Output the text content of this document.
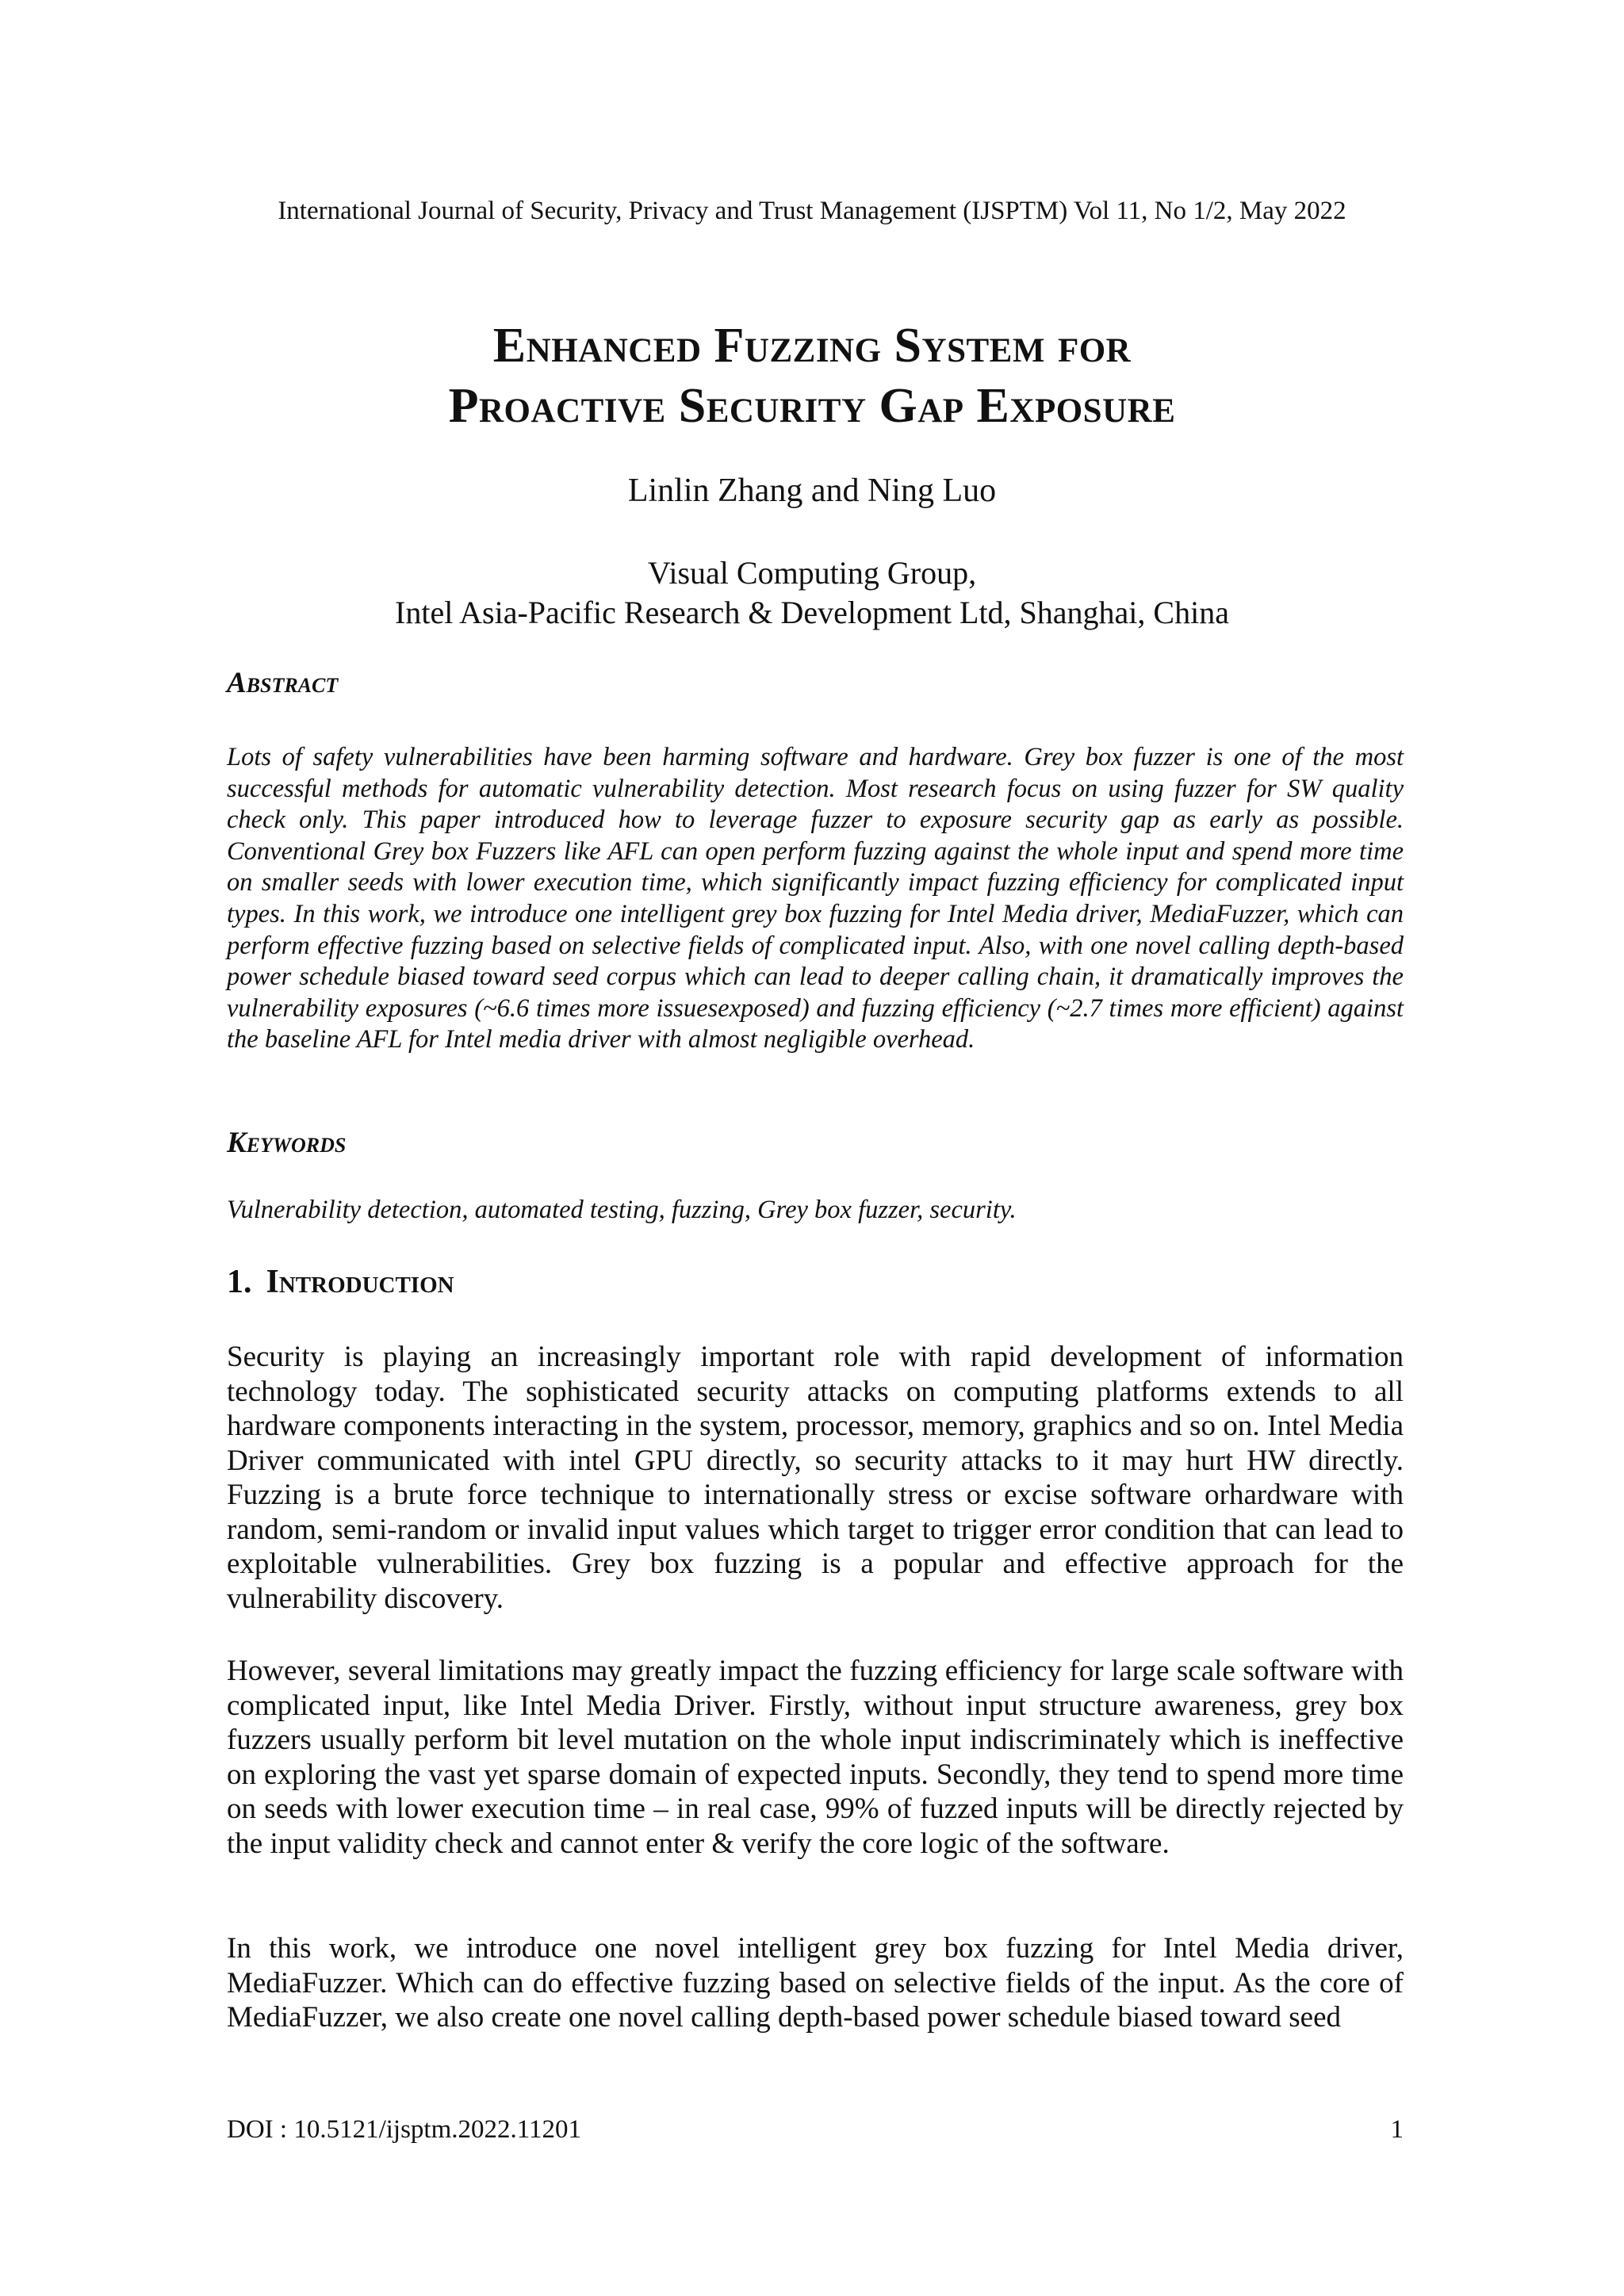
International Journal of Security, Privacy and Trust Management (IJSPTM) Vol 11, No 1/2, May 2022
Enhanced Fuzzing System for
Proactive Security Gap Exposure
Linlin Zhang and Ning Luo
Visual Computing Group,
Intel Asia-Pacific Research & Development Ltd, Shanghai, China
Abstract
Lots of safety vulnerabilities have been harming software and hardware. Grey box fuzzer is one of the most successful methods for automatic vulnerability detection. Most research focus on using fuzzer for SW quality check only. This paper introduced how to leverage fuzzer to exposure security gap as early as possible. Conventional Grey box Fuzzers like AFL can open perform fuzzing against the whole input and spend more time on smaller seeds with lower execution time, which significantly impact fuzzing efficiency for complicated input types. In this work, we introduce one intelligent grey box fuzzing for Intel Media driver, MediaFuzzer, which can perform effective fuzzing based on selective fields of complicated input. Also, with one novel calling depth-based power schedule biased toward seed corpus which can lead to deeper calling chain, it dramatically improves the vulnerability exposures (~6.6 times more issuesexposed) and fuzzing efficiency (~2.7 times more efficient) against the baseline AFL for Intel media driver with almost negligible overhead.
Keywords
Vulnerability detection, automated testing, fuzzing, Grey box fuzzer, security.
1. Introduction
Security is playing an increasingly important role with rapid development of information technology today. The sophisticated security attacks on computing platforms extends to all hardware components interacting in the system, processor, memory, graphics and so on. Intel Media Driver communicated with intel GPU directly, so security attacks to it may hurt HW directly. Fuzzing is a brute force technique to internationally stress or excise software orhardware with random, semi-random or invalid input values which target to trigger error condition that can lead to exploitable vulnerabilities. Grey box fuzzing is a popular and effective approach for the vulnerability discovery.
However, several limitations may greatly impact the fuzzing efficiency for large scale software with complicated input, like Intel Media Driver. Firstly, without input structure awareness, grey box fuzzers usually perform bit level mutation on the whole input indiscriminately which is ineffective on exploring the vast yet sparse domain of expected inputs. Secondly, they tend to spend more time on seeds with lower execution time – in real case, 99% of fuzzed inputs will be directly rejected by the input validity check and cannot enter & verify the core logic of the software.
In this work, we introduce one novel intelligent grey box fuzzing for Intel Media driver, MediaFuzzer. Which can do effective fuzzing based on selective fields of the input. As the core of MediaFuzzer, we also create one novel calling depth-based power schedule biased toward seed
DOI : 10.5121/ijsptm.2022.11201	1
